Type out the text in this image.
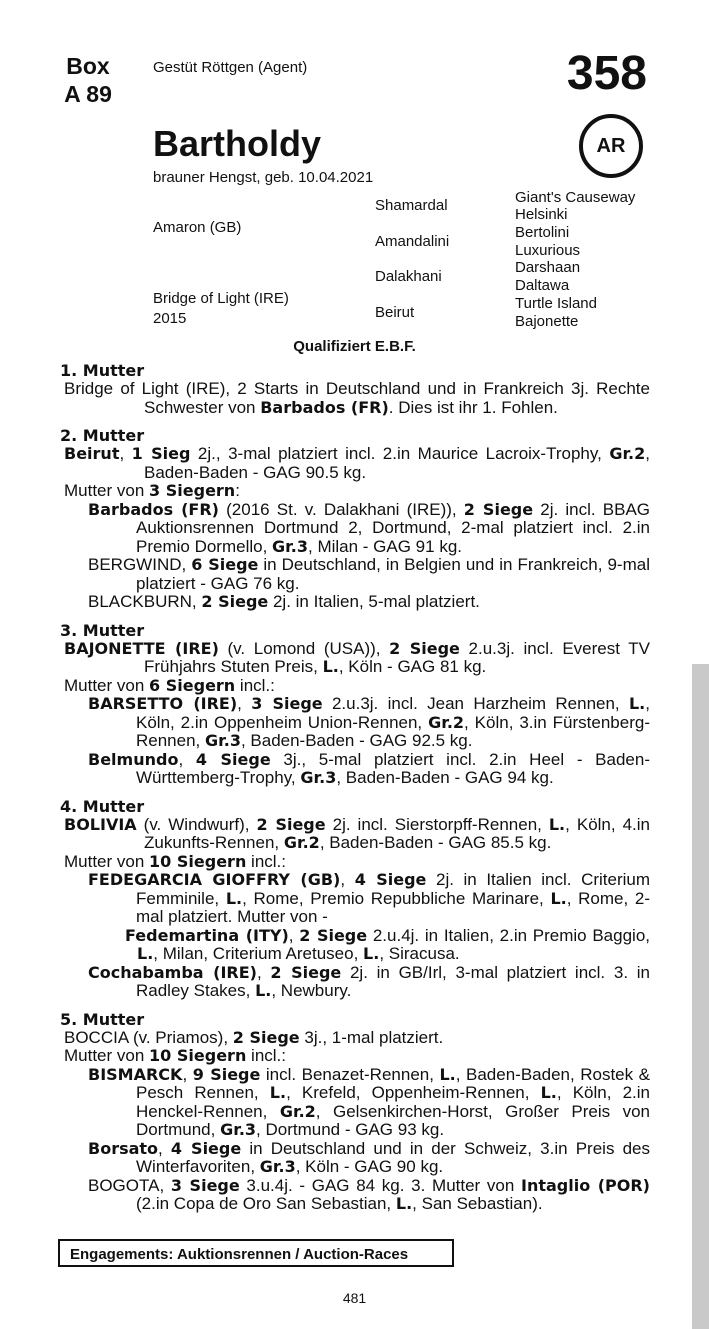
Box
A 89
Gestüt Röttgen (Agent)	358
Bartholdy	AR
brauner Hengst, geb. 10.04.2021
Amaron (GB)
Shamardal
Amandalini
Bridge of Light (IRE)
2015
Dalakhani
Beirut
Giant's Causeway
Helsinki
Bertolini
Luxurious
Darshaan
Daltawa
Turtle Island
Bajonette
Qualifiziert E.B.F.
1. Mutter
Bridge of Light (IRE), 2 Starts in Deutschland und in Frankreich 3j. Rechte Schwester von Barbados (FR). Dies ist ihr 1. Fohlen.
2. Mutter
Beirut, 1 Sieg 2j., 3-mal platziert incl. 2.in Maurice Lacroix-Trophy, Gr.2, Baden-Baden - GAG 90.5 kg.
Mutter von 3 Siegern:
Barbados (FR) (2016 St. v. Dalakhani (IRE)), 2 Siege 2j. incl. BBAG Auktionsrennen Dortmund 2, Dortmund, 2-mal platziert incl. 2.in Premio Dormello, Gr.3, Milan - GAG 91 kg.
BERGWIND, 6 Siege in Deutschland, in Belgien und in Frankreich, 9-mal platziert - GAG 76 kg.
BLACKBURN, 2 Siege 2j. in Italien, 5-mal platziert.
3. Mutter
BAJONETTE (IRE) (v. Lomond (USA)), 2 Siege 2.u.3j. incl. Everest TV Frühjahrs Stuten Preis, L., Köln - GAG 81 kg.
Mutter von 6 Siegern incl.:
BARSETTO (IRE), 3 Siege 2.u.3j. incl. Jean Harzheim Rennen, L., Köln, 2.in Oppenheim Union-Rennen, Gr.2, Köln, 3.in Fürstenberg-Rennen, Gr.3, Baden-Baden - GAG 92.5 kg.
Belmundo, 4 Siege 3j., 5-mal platziert incl. 2.in Heel - Baden-Württemberg-Trophy, Gr.3, Baden-Baden - GAG 94 kg.
4. Mutter
BOLIVIA (v. Windwurf), 2 Siege 2j. incl. Sierstorpff-Rennen, L., Köln, 4.in Zukunfts-Rennen, Gr.2, Baden-Baden - GAG 85.5 kg.
Mutter von 10 Siegern incl.:
FEDEGARCIA GIOFFRY (GB), 4 Siege 2j. in Italien incl. Criterium Femminile, L., Rome, Premio Repubbliche Marinare, L., Rome, 2-mal platziert. Mutter von -
Fedemartina (ITY), 2 Siege 2.u.4j. in Italien, 2.in Premio Baggio, L., Milan, Criterium Aretuseo, L., Siracusa.
Cochabamba (IRE), 2 Siege 2j. in GB/Irl, 3-mal platziert incl. 3. in Radley Stakes, L., Newbury.
5. Mutter
BOCCIA (v. Priamos), 2 Siege 3j., 1-mal platziert.
Mutter von 10 Siegern incl.:
BISMARCK, 9 Siege incl. Benazet-Rennen, L., Baden-Baden, Rostek & Pesch Rennen, L., Krefeld, Oppenheim-Rennen, L., Köln, 2.in Henckel-Rennen, Gr.2, Gelsenkirchen-Horst, Großer Preis von Dortmund, Gr.3, Dortmund - GAG 93 kg.
Borsato, 4 Siege in Deutschland und in der Schweiz, 3.in Preis des Winterfavoriten, Gr.3, Köln - GAG 90 kg.
BOGOTA, 3 Siege 3.u.4j. - GAG 84 kg. 3. Mutter von Intaglio (POR) (2.in Copa de Oro San Sebastian, L., San Sebastian).
Engagements: Auktionsrennen / Auction-Races
481
